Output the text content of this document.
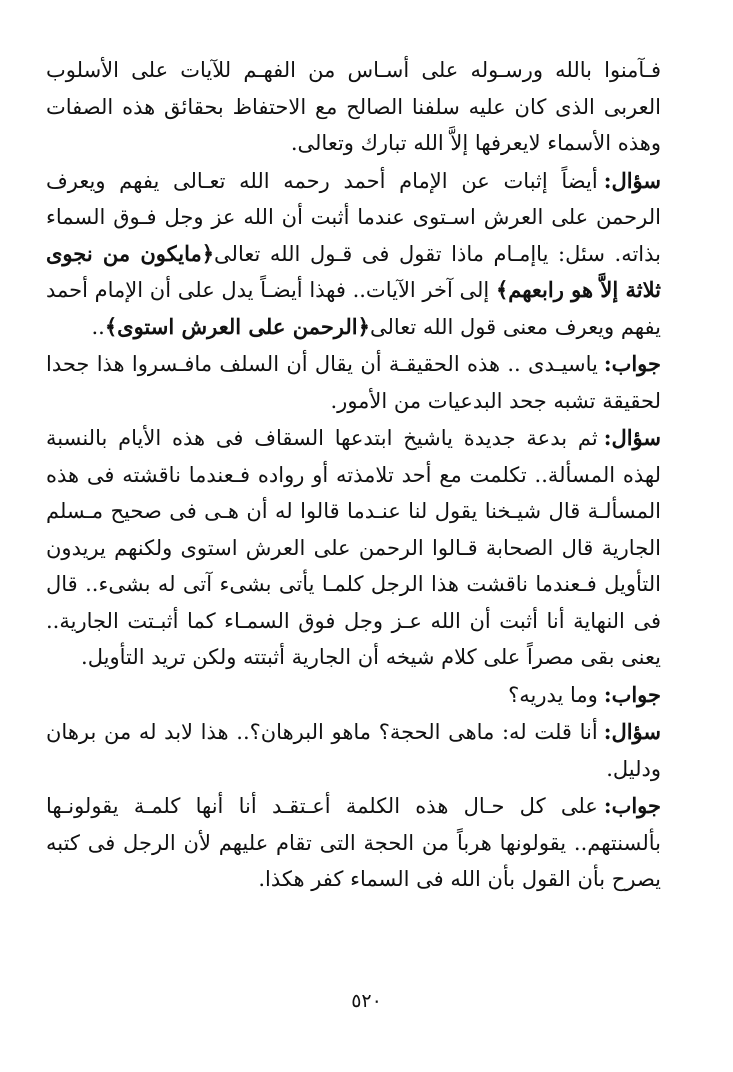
فـآمنوا بالله ورسـوله على أسـاس من الفهـم للآيات على الأسلوب العربى الذى كان عليه سلفنا الصالح مع الاحتفاظ بحقائق هذه الصفات وهذه الأسماء لايعرفها إلاَّ الله تبارك وتعالى.

سؤال:أيضاً إثبات عن الإمام أحمد رحمه الله تعـالى يفهم ويعرف الرحمن على العرش اسـتوى عندما أثبت أن الله عز وجل فـوق السماء بذاته. سئل: ياإمـام ماذا تقول فى قـول الله تعالى﴿مايكون من نجوى ثلاثة إلاَّ هو رابعهم﴾ إلى آخر الآيات.. فهذا أيضـاً يدل على أن الإمام أحمد يفهم ويعرف معنى قول الله تعالى﴿الرحمن على العرش استوى﴾..

جواب:ياسيـدى .. هذه الحقيقـة أن يقال أن السلف مافـسروا هذا جحدا لحقيقة تشبه جحد البدعيات من الأمور.

سؤال:ثم بدعة جديدة ياشيخ ابتدعها السقاف فى هذه الأيام بالنسبة لهذه المسألة.. تكلمت مع أحد تلامذته أو رواده فـعندما ناقشته فى هذه المسألـة قال شيـخنا يقول لنا عنـدما قالوا له أن هـى فى صحيح مـسلم الجارية قال الصحابة قـالوا الرحمن على العرش استوى ولكنهم يريدون التأويل فـعندما ناقشت هذا الرجل كلمـا يأتى بشىء آتى له بشىء.. قال فى النهاية أنا أثبت أن الله عـز وجل فوق السمـاء كما أثبـتت الجارية.. يعنى بقى مصراً على كلام شيخه أن الجارية أثبتته ولكن تريد التأويل.

جواب:وما يدريه؟

سؤال:أنا قلت له: ماهى الحجة؟ ماهو البرهان؟.. هذا لابد له من برهان ودليل.

جواب:على كل حـال هذه الكلمة أعـتقـد أنا أنها كلمـة يقولونـها بألسنتهم.. يقولونها هرباً من الحجة التى تقام عليهم لأن الرجل فى كتبه يصرح بأن القول بأن الله فى السماء كفر هكذا.

٥٢٠
